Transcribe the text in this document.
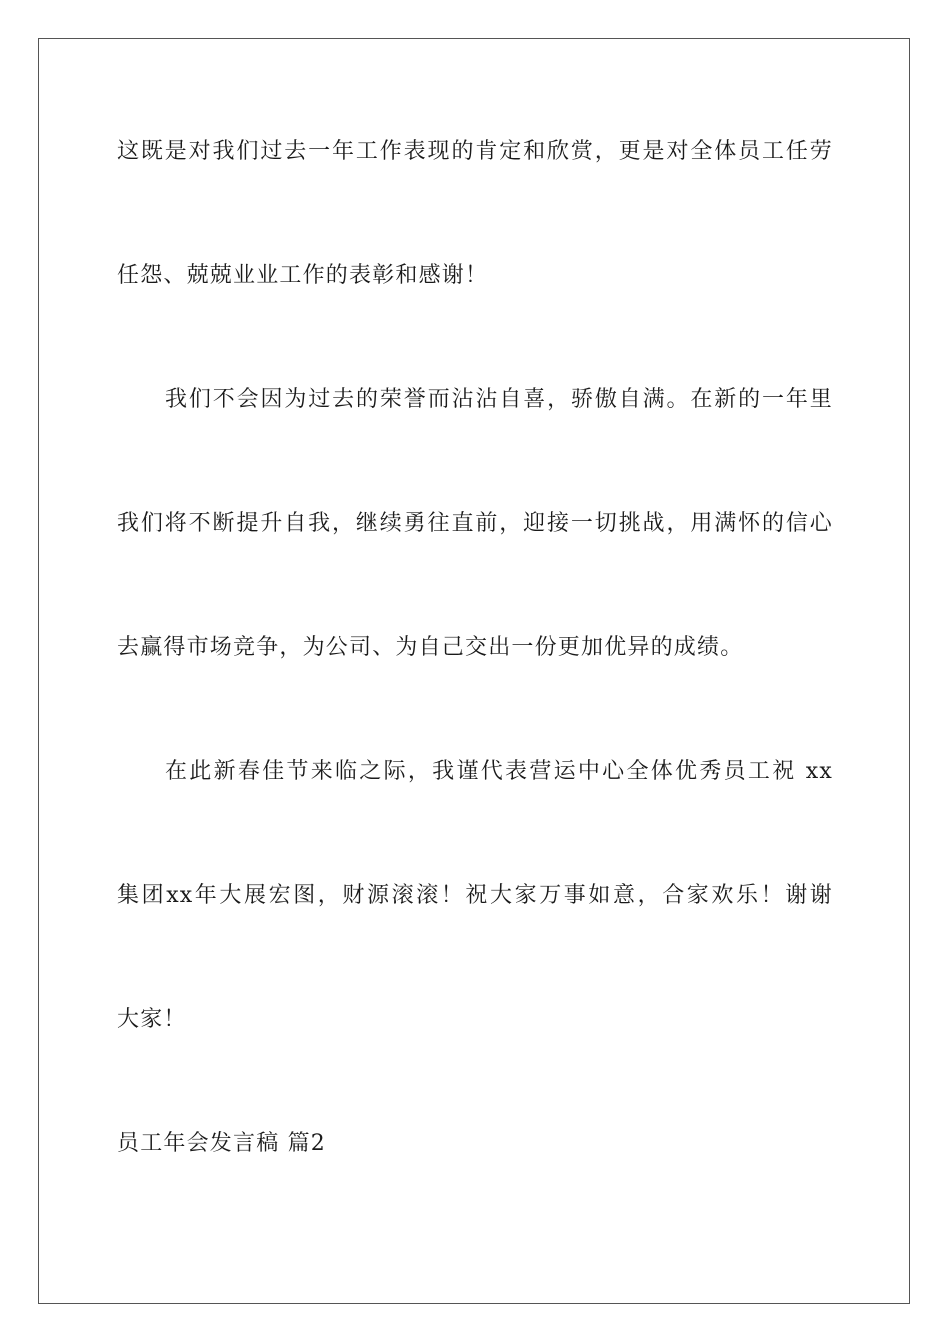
这既是对我们过去一年工作表现的肯定和欣赏，更是对全体员工任劳
任怨、兢兢业业工作的表彰和感谢！
我们不会因为过去的荣誉而沾沾自喜，骄傲自满。在新的一年里
我们将不断提升自我，继续勇往直前，迎接一切挑战，用满怀的信心
去赢得市场竞争，为公司、为自己交出一份更加优异的成绩。
在此新春佳节来临之际，我谨代表营运中心全体优秀员工祝 xx
集团xx年大展宏图，财源滚滚！祝大家万事如意，合家欢乐！谢谢
大家！
员工年会发言稿 篇2
